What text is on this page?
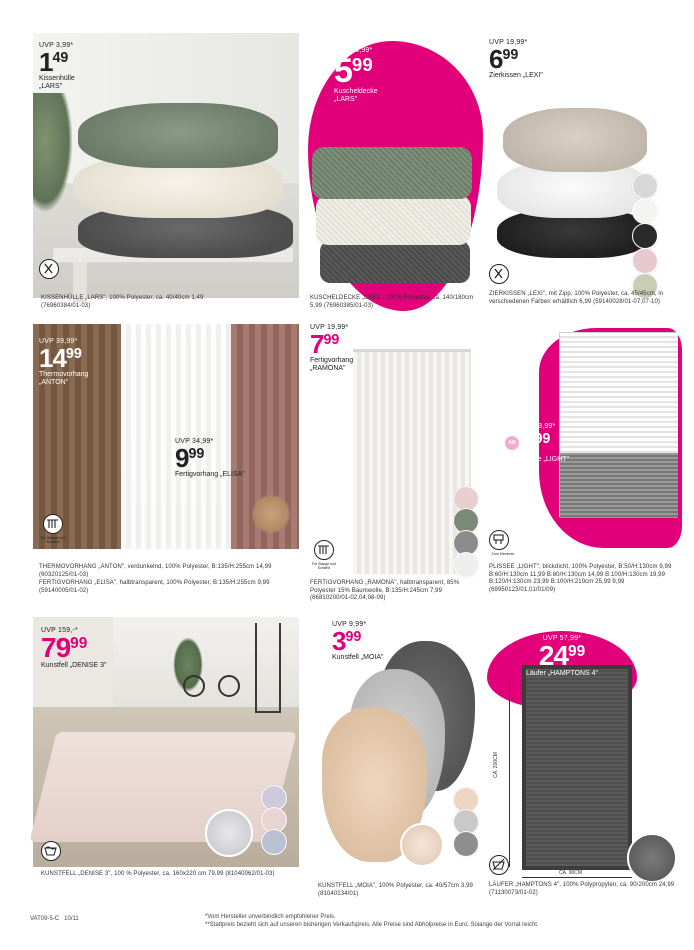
UVP 3,99*
$1^{49}$
Kissenhülle „LARS"
KISSENHÜLLE „LARS", 100% Polyester, ca. 40/40cm 1,49 (76960384/01-03)
UVP 13,99*
$5^{99}$
Kuscheldecke „LARS"
KUSCHELDECKE „LARS", 100% Polyester, ca. 140/180cm 5,99 (76960385/01-03)
UVP 19,99*
$6^{99}$
Zierkissen „LEXI"
ZIERKISSEN „LEXI", mit Zipp, 100% Polyester, ca. 45/45cm, in verschiedenen Farben erhältlich 6,99 (59140028/01-07,07-10)
UVP 39,99*
$14^{99}$
Thermovorhang „ANTON"
UVP 34,99*
$9^{99}$
Fertigvorhang „ELISA"
Für Stange und Schiene
THERMOVORHANG „ANTON", verdunkelnd, 100% Polyester, B:135/H:255cm 14,99 (60320125/01-03)
FERTIGVORHANG „ELISA", halbtransparent, 100% Polyester, B:135/H:255cm 9,99 (59140005/01-02)
UVP 19,99*
$7^{99}$
Fertigvorhang „RAMONA"
Für Stange und Schiene
FERTIGVORHANG „RAMONA", halbtransparent, 85% Polyester 15% Baumwolle, B:135/H:245cm 7,99 (66810200/01-02,04,08-09)
UVP 23,99*
AB $9^{99}$
Plissee „LIGHT"
Zum Klemmen
PLISSEE „LIGHT", blickdicht, 100% Polyester, B:50/H:130cm 9,99 B:60/H:130cm 11,99 B:80/H:130cm 14,99 B:100/H:130cm 19,99 B:120/H:130cm 23,99 B:100/H:210cm 25,99 9,99 (69950123/01,01/01/09)
UVP 159,-*
$79^{99}$
Kunstfell „DENISE 3"
KUNSTFELL „DENISE 3", 100 % Polyester, ca. 160x220 cm 79,99 (81040062/01-03)
UVP 9,99*
$3^{99}$
Kunstfell „MOIA"
KUNSTFELL „MOIA", 100% Polyester, ca. 40/57cm 3,99 (81040134/01)
UVP 57,99*
$24^{99}$
Läufer „HAMPTONS 4"
CA. 200CM
CA. 90CM
LÄUFER „HAMPTONS 4", 100% Polypropylen, ca. 90/200cm 24,99 (71130073/01-02)
VAT09-5-C 10/11	*Vom Hersteller unverbindlich empfohlener Preis.
**Stattpreis bezieht sich auf unseren bisherigen Verkaufspreis. Alle Preise sind Abholpreise in Euro. Solange der Vorrat reicht.
